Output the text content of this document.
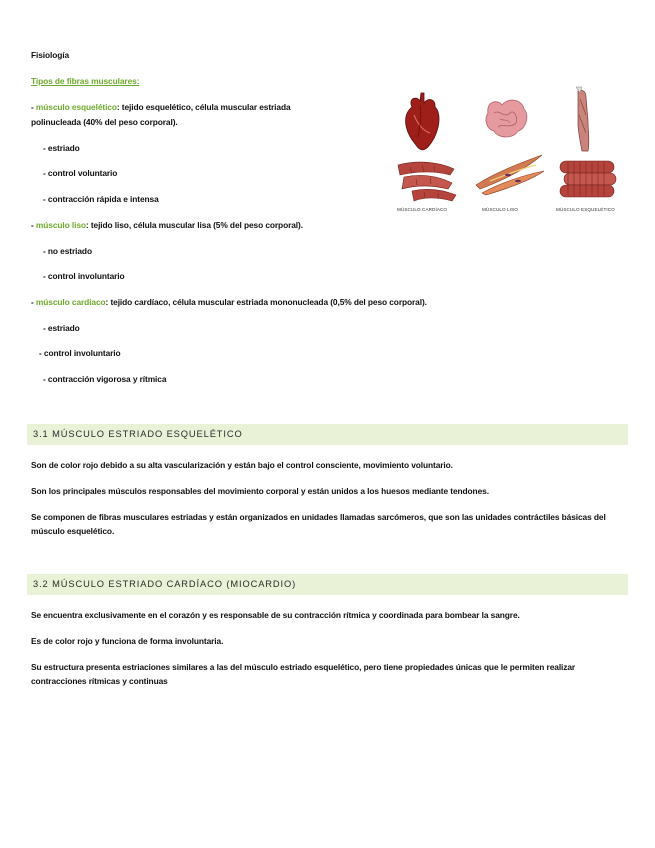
Fisiología
Tipos de fibras musculares:
- músculo esquelético: tejido esquelético, célula muscular estriada
polinucleada (40% del peso corporal).
- estriado
- control voluntario
- contracción rápida e intensa
- músculo liso: tejido liso, célula muscular lisa (5% del peso corporal).
- no estriado
- control involuntario
- músculo cardíaco: tejido cardíaco, célula muscular estriada mononucleada (0,5% del peso corporal).
- estriado
- control involuntario
- contracción vigorosa y rítmica
MÚSCULO CARDÍACO	MÚSCULO LISO	MÚSCULO ESQUELÉTICO
3.1 MÚSCULO ESTRIADO ESQUELÉTICO
Son de color rojo debido a su alta vascularización y están bajo el control consciente, movimiento voluntario.
Son los principales músculos responsables del movimiento corporal y están unidos a los huesos mediante tendones.
Se componen de fibras musculares estriadas y están organizados en unidades llamadas sarcómeros, que son las unidades contráctiles básicas del músculo esquelético.
3.2 MÚSCULO ESTRIADO CARDÍACO (MIOCARDIO)
Se encuentra exclusivamente en el corazón y es responsable de su contracción rítmica y coordinada para bombear la sangre.
Es de color rojo y funciona de forma involuntaria.
Su estructura presenta estriaciones similares a las del músculo estriado esquelético, pero tiene propiedades únicas que le permiten realizar contracciones rítmicas y continuas
